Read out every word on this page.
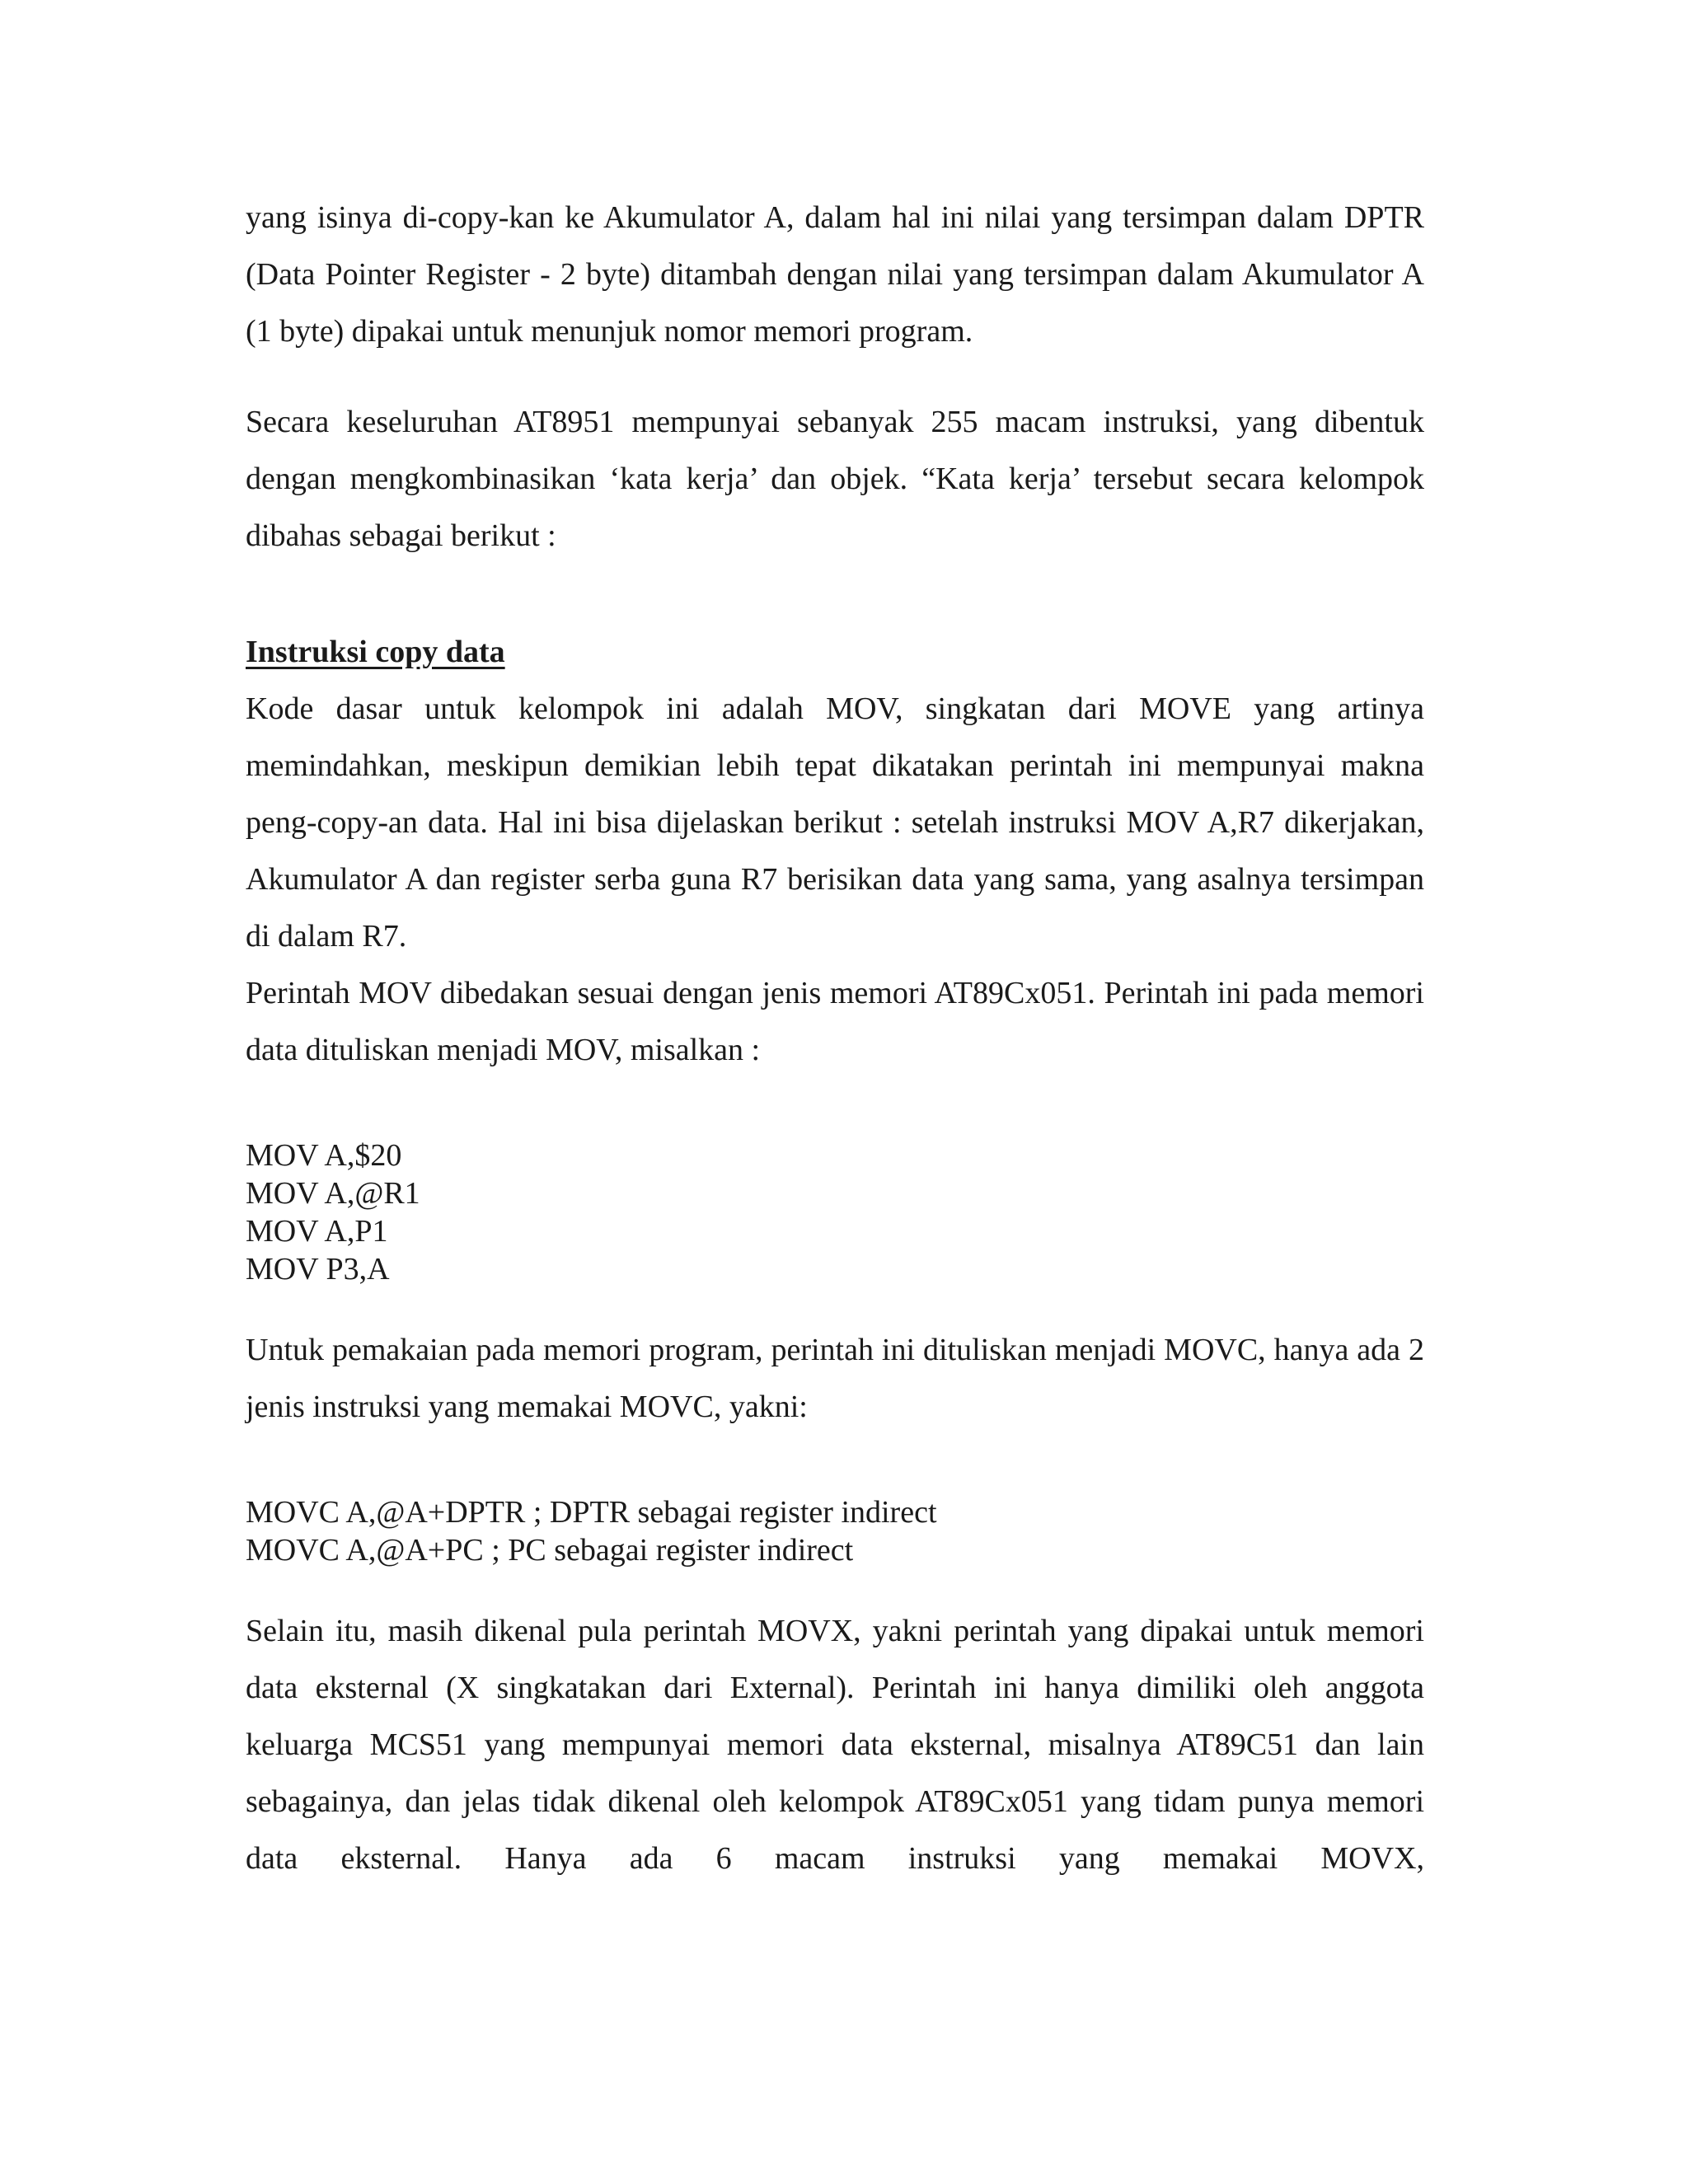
yang isinya di-copy-kan ke Akumulator A, dalam hal ini nilai yang tersimpan dalam DPTR (Data Pointer Register - 2 byte) ditambah dengan nilai yang tersimpan dalam Akumulator A (1 byte) dipakai untuk menunjuk nomor memori program.

Secara keseluruhan AT8951 mempunyai sebanyak 255 macam instruksi, yang dibentuk dengan mengkombinasikan ‘kata kerja’ dan objek. “Kata kerja’ tersebut secara kelompok dibahas sebagai berikut :

Instruksi copy data

Kode dasar untuk kelompok ini adalah MOV, singkatan dari MOVE yang artinya memindahkan, meskipun demikian lebih tepat dikatakan perintah ini mempunyai makna peng-copy-an data. Hal ini bisa dijelaskan berikut : setelah instruksi MOV A,R7 dikerjakan, Akumulator A dan register serba guna R7 berisikan data yang sama, yang asalnya tersimpan di dalam R7.

Perintah MOV dibedakan sesuai dengan jenis memori AT89Cx051. Perintah ini pada memori data dituliskan menjadi MOV, misalkan :

MOV A,$20
MOV A,@R1
MOV A,P1
MOV P3,A

Untuk pemakaian pada memori program, perintah ini dituliskan menjadi MOVC, hanya ada 2 jenis instruksi yang memakai MOVC, yakni:

MOVC A,@A+DPTR ; DPTR sebagai register indirect
MOVC A,@A+PC ; PC sebagai register indirect

Selain itu, masih dikenal pula perintah MOVX, yakni perintah yang dipakai untuk memori data eksternal (X singkatakan dari External). Perintah ini hanya dimiliki oleh anggota keluarga MCS51 yang mempunyai memori data eksternal, misalnya AT89C51 dan lain sebagainya, dan jelas tidak dikenal oleh kelompok AT89Cx051 yang tidam punya memori data eksternal. Hanya ada 6 macam instruksi yang memakai MOVX,
